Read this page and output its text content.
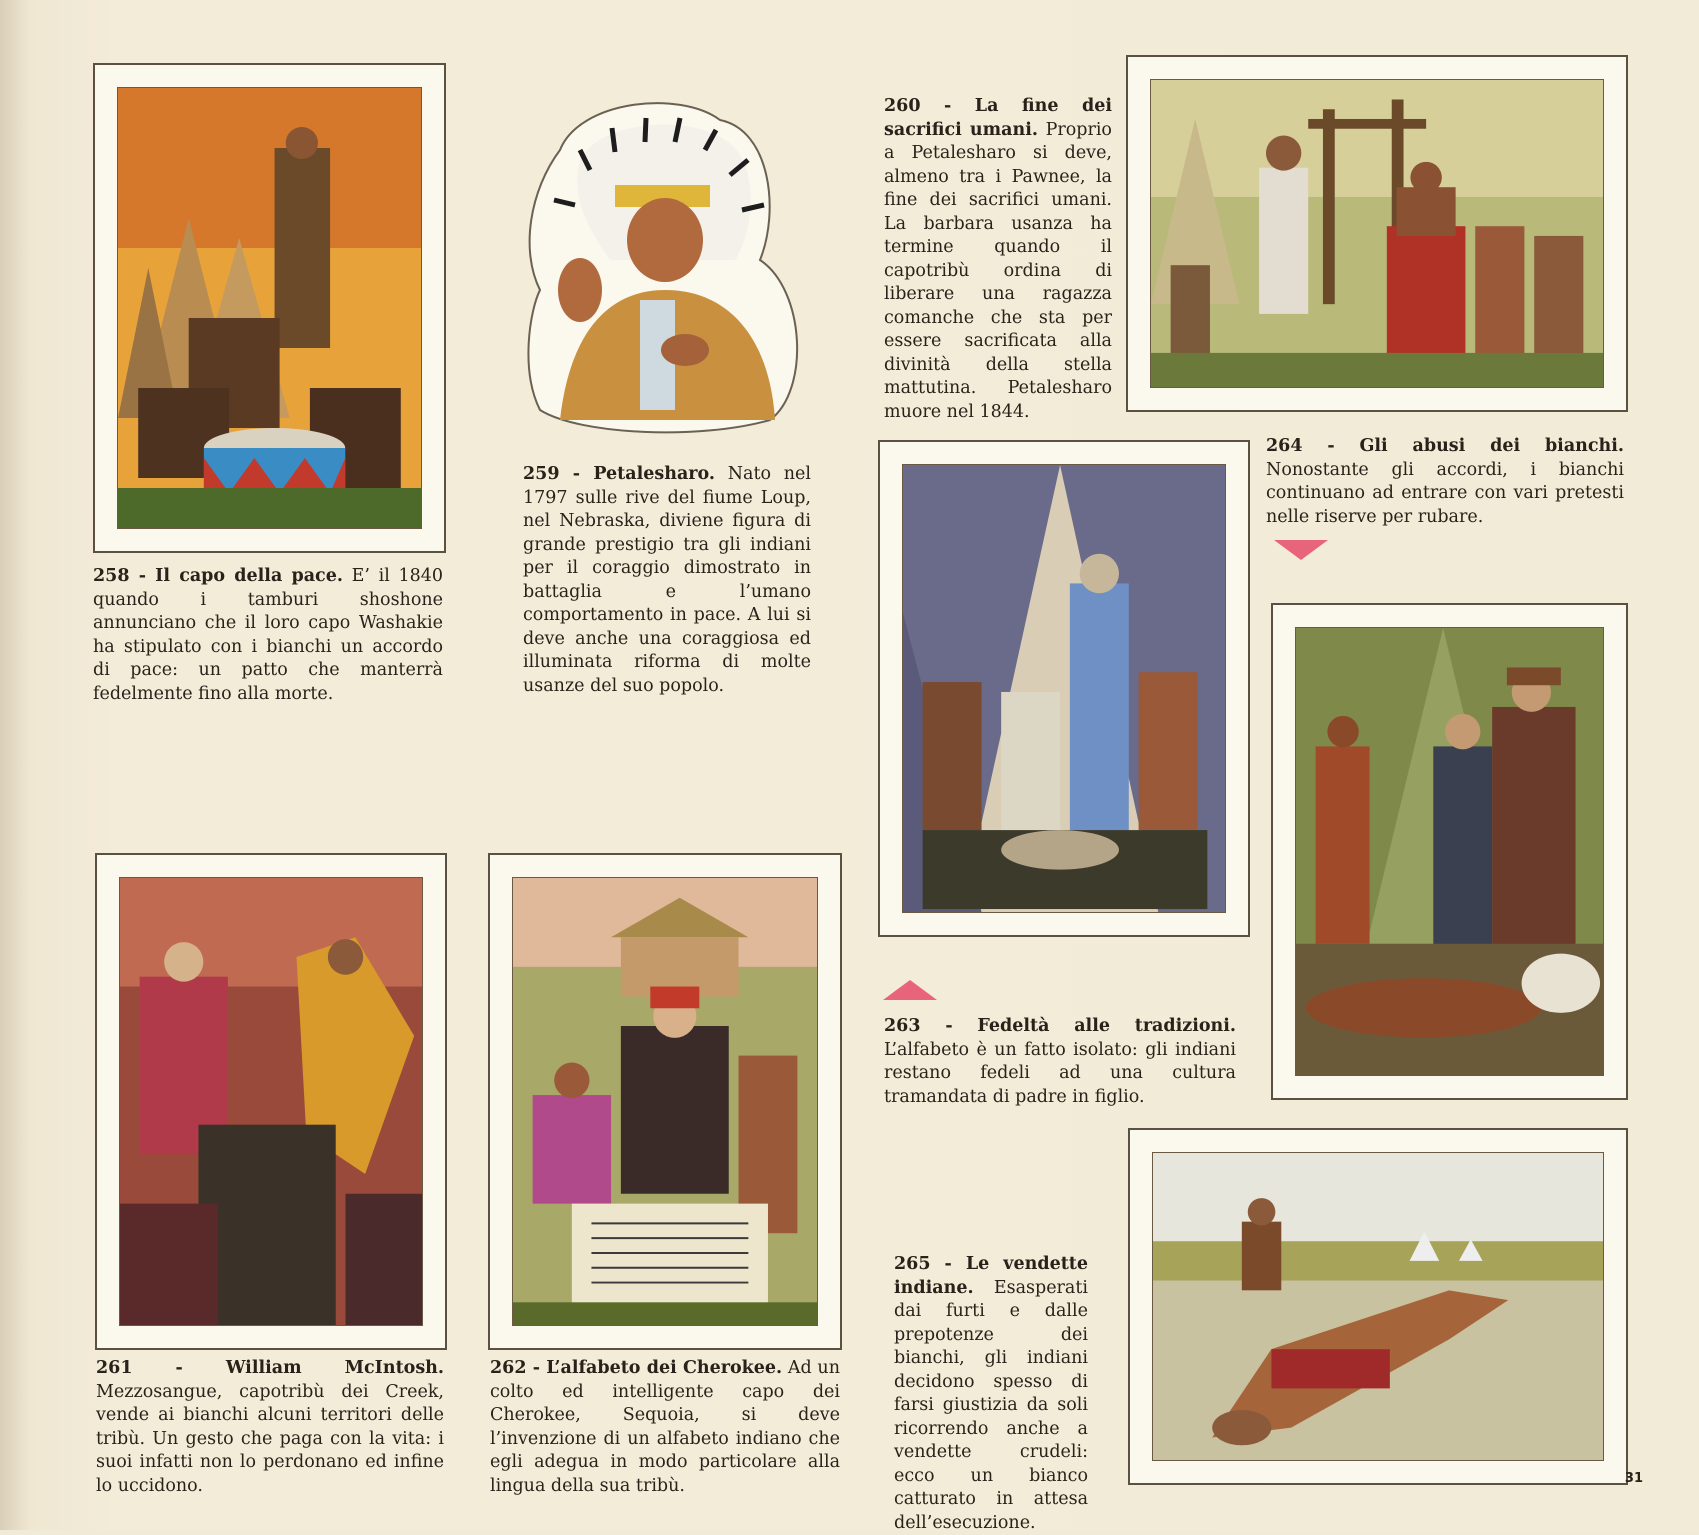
258 - Il capo della pace. E’ il 1840 quando i tamburi shoshone annunciano che il loro capo Washakie ha stipulato con i bianchi un accordo di pace: un patto che manterrà fedelmente fino alla morte.
259 - Petalesharo. Nato nel 1797 sulle rive del fiume Loup, nel Nebraska, diviene figura di grande prestigio tra gli indiani per il coraggio dimostrato in battaglia e l’umano comportamento in pace. A lui si deve anche una coraggiosa ed illuminata riforma di molte usanze del suo popolo.
260 - La fine dei sacrifici umani. Proprio a Petalesharo si deve, almeno tra i Pawnee, la fine dei sacrifici umani. La barbara usanza ha termine quando il capotribù ordina di liberare una ragazza comanche che sta per essere sacrificata alla divinità della stella mattutina. Petalesharo muore nel 1844.
264 - Gli abusi dei bianchi. Nonostante gli accordi, i bianchi continuano ad entrare con vari pretesti nelle riserve per rubare.
263 - Fedeltà alle tradizioni. L’alfabeto è un fatto isolato: gli indiani restano fedeli ad una cultura tramandata di padre in figlio.
261 - William McIntosh. Mezzosangue, capotribù dei Creek, vende ai bianchi alcuni territori delle tribù. Un gesto che paga con la vita: i suoi infatti non lo perdonano ed infine lo uccidono.
262 - L’alfabeto dei Cherokee. Ad un colto ed intelligente capo dei Cherokee, Sequoia, si deve l’invenzione di un alfabeto indiano che egli adegua in modo particolare alla lingua della sua tribù.
265 - Le vendette indiane. Esasperati dai furti e dalle prepotenze dei bianchi, gli indiani decidono spesso di farsi giustizia da soli ricorrendo anche a vendette crudeli: ecco un bianco catturato in attesa dell’esecuzione.
31
